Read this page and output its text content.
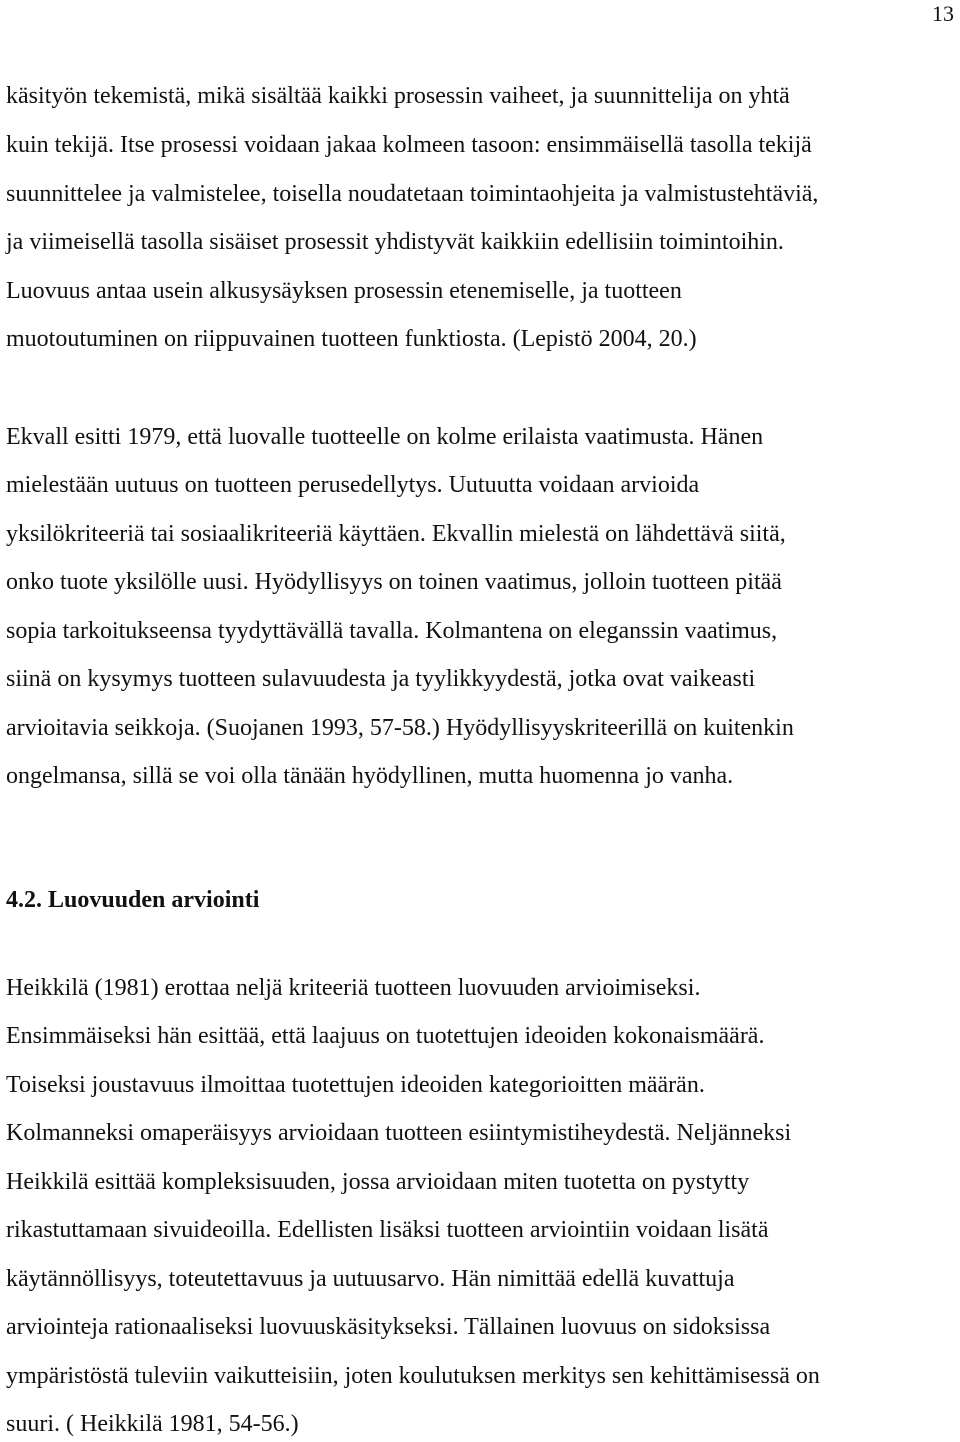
13
käsityön tekemistä, mikä sisältää kaikki prosessin vaiheet, ja suunnittelija on yhtä
kuin tekijä. Itse prosessi voidaan jakaa kolmeen tasoon: ensimmäisellä tasolla tekijä
suunnittelee ja valmistelee, toisella noudatetaan toimintaohjeita ja valmistustehtäviä,
ja viimeisellä tasolla sisäiset prosessit yhdistyvät kaikkiin edellisiin toimintoihin.
Luovuus antaa usein alkusysäyksen prosessin etenemiselle, ja tuotteen
muotoutuminen on riippuvainen tuotteen funktiosta. (Lepistö 2004, 20.)
Ekvall esitti 1979, että luovalle tuotteelle on kolme erilaista vaatimusta. Hänen
mielestään uutuus on tuotteen perusedellytys. Uutuutta voidaan arvioida
yksilökriteeriä tai sosiaalikriteeriä käyttäen. Ekvallin mielestä on lähdettävä siitä,
onko tuote yksilölle uusi. Hyödyllisyys on toinen vaatimus, jolloin tuotteen pitää
sopia tarkoitukseensa tyydyttävällä tavalla. Kolmantena on eleganssin vaatimus,
siinä on kysymys tuotteen sulavuudesta ja tyylikkyydestä, jotka ovat vaikeasti
arvioitavia seikkoja. (Suojanen 1993, 57-58.) Hyödyllisyyskriteerillä on kuitenkin
ongelmansa, sillä se voi olla tänään hyödyllinen, mutta huomenna jo vanha.
4.2. Luovuuden arviointi
Heikkilä (1981) erottaa neljä kriteeriä tuotteen luovuuden arvioimiseksi.
Ensimmäiseksi hän esittää, että laajuus on tuotettujen ideoiden kokonaismäärä.
Toiseksi joustavuus ilmoittaa tuotettujen ideoiden kategorioitten määrän.
Kolmanneksi omaperäisyys arvioidaan tuotteen esiintymistiheydestä. Neljänneksi
Heikkilä esittää kompleksisuuden, jossa arvioidaan miten tuotetta on pystytty
rikastuttamaan sivuideoilla. Edellisten lisäksi tuotteen arviointiin voidaan lisätä
käytännöllisyys, toteutettavuus ja uutuusarvo. Hän nimittää edellä kuvattuja
arviointeja rationaaliseksi luovuuskäsitykseksi. Tällainen luovuus on sidoksissa
ympäristöstä tuleviin vaikutteisiin, joten koulutuksen merkitys sen kehittämisessä on
suuri. ( Heikkilä 1981, 54-56.)
